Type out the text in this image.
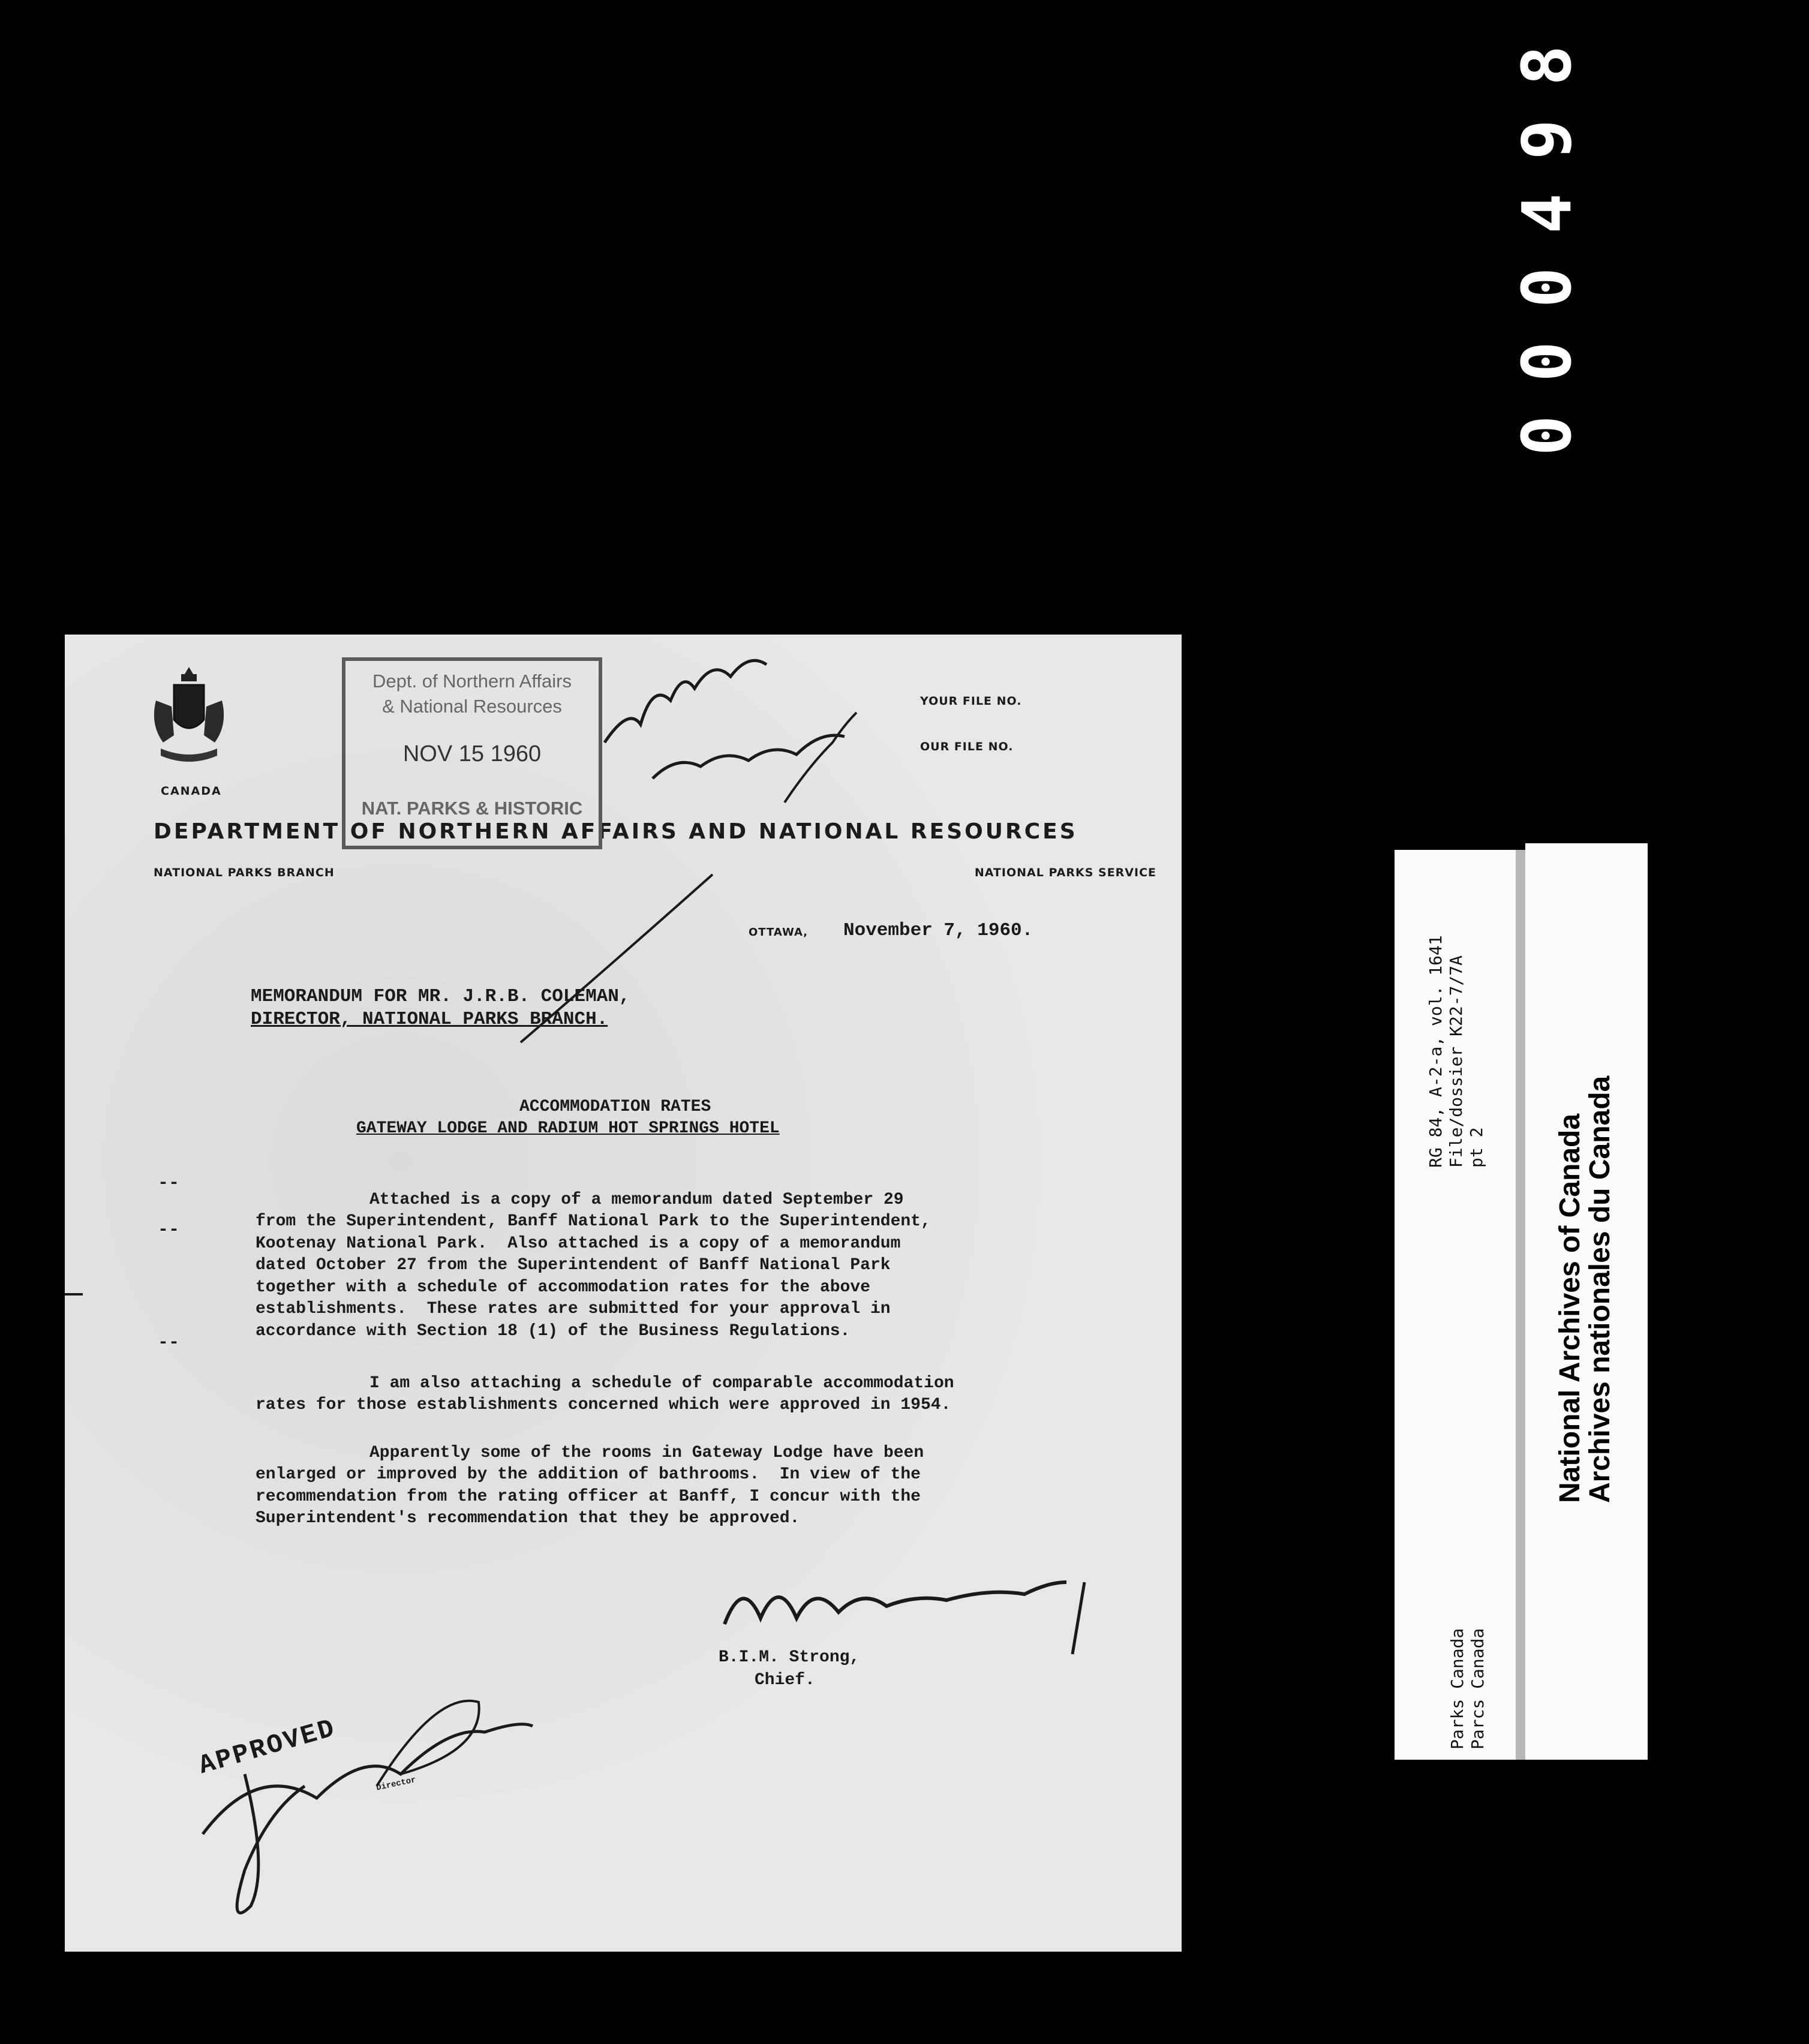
000498
CANADA
YOUR FILE NO.
OUR FILE NO.
DEPARTMENT OF NORTHERN AFFAIRS AND NATIONAL RESOURCES
NATIONAL PARKS BRANCH	NATIONAL PARKS SERVICE
Dept. of Northern Affairs
& National Resources
NOV 15 1960
NAT. PARKS & HISTORIC
OTTAWA, November 7, 1960.
MEMORANDUM FOR MR. J.R.B. COLEMAN,
DIRECTOR, NATIONAL PARKS BRANCH.
ACCOMMODATION RATES
GATEWAY LODGE AND RADIUM HOT SPRINGS HOTEL
--
--
--

Attached is a copy of a memorandum dated September 29
from the Superintendent, Banff National Park to the Superintendent,
Kootenay National Park.  Also attached is a copy of a memorandum
dated October 27 from the Superintendent of Banff National Park
together with a schedule of accommodation rates for the above
establishments.  These rates are submitted for your approval in
accordance with Section 18 (1) of the Business Regulations.

I am also attaching a schedule of comparable accommodation
rates for those establishments concerned which were approved in 1954.

Apparently some of the rooms in Gateway Lodge have been
enlarged or improved by the addition of bathrooms.  In view of the
recommendation from the rating officer at Banff, I concur with the
Superintendent's recommendation that they be approved.
B.I.M. Strong,
Chief.
APPROVED
Director
RG 84, A-2-a, vol. 1641 File/dossier K22-7/7A pt 2
Parks Canada Parcs Canada
National Archives of Canada
Archives nationales du Canada
